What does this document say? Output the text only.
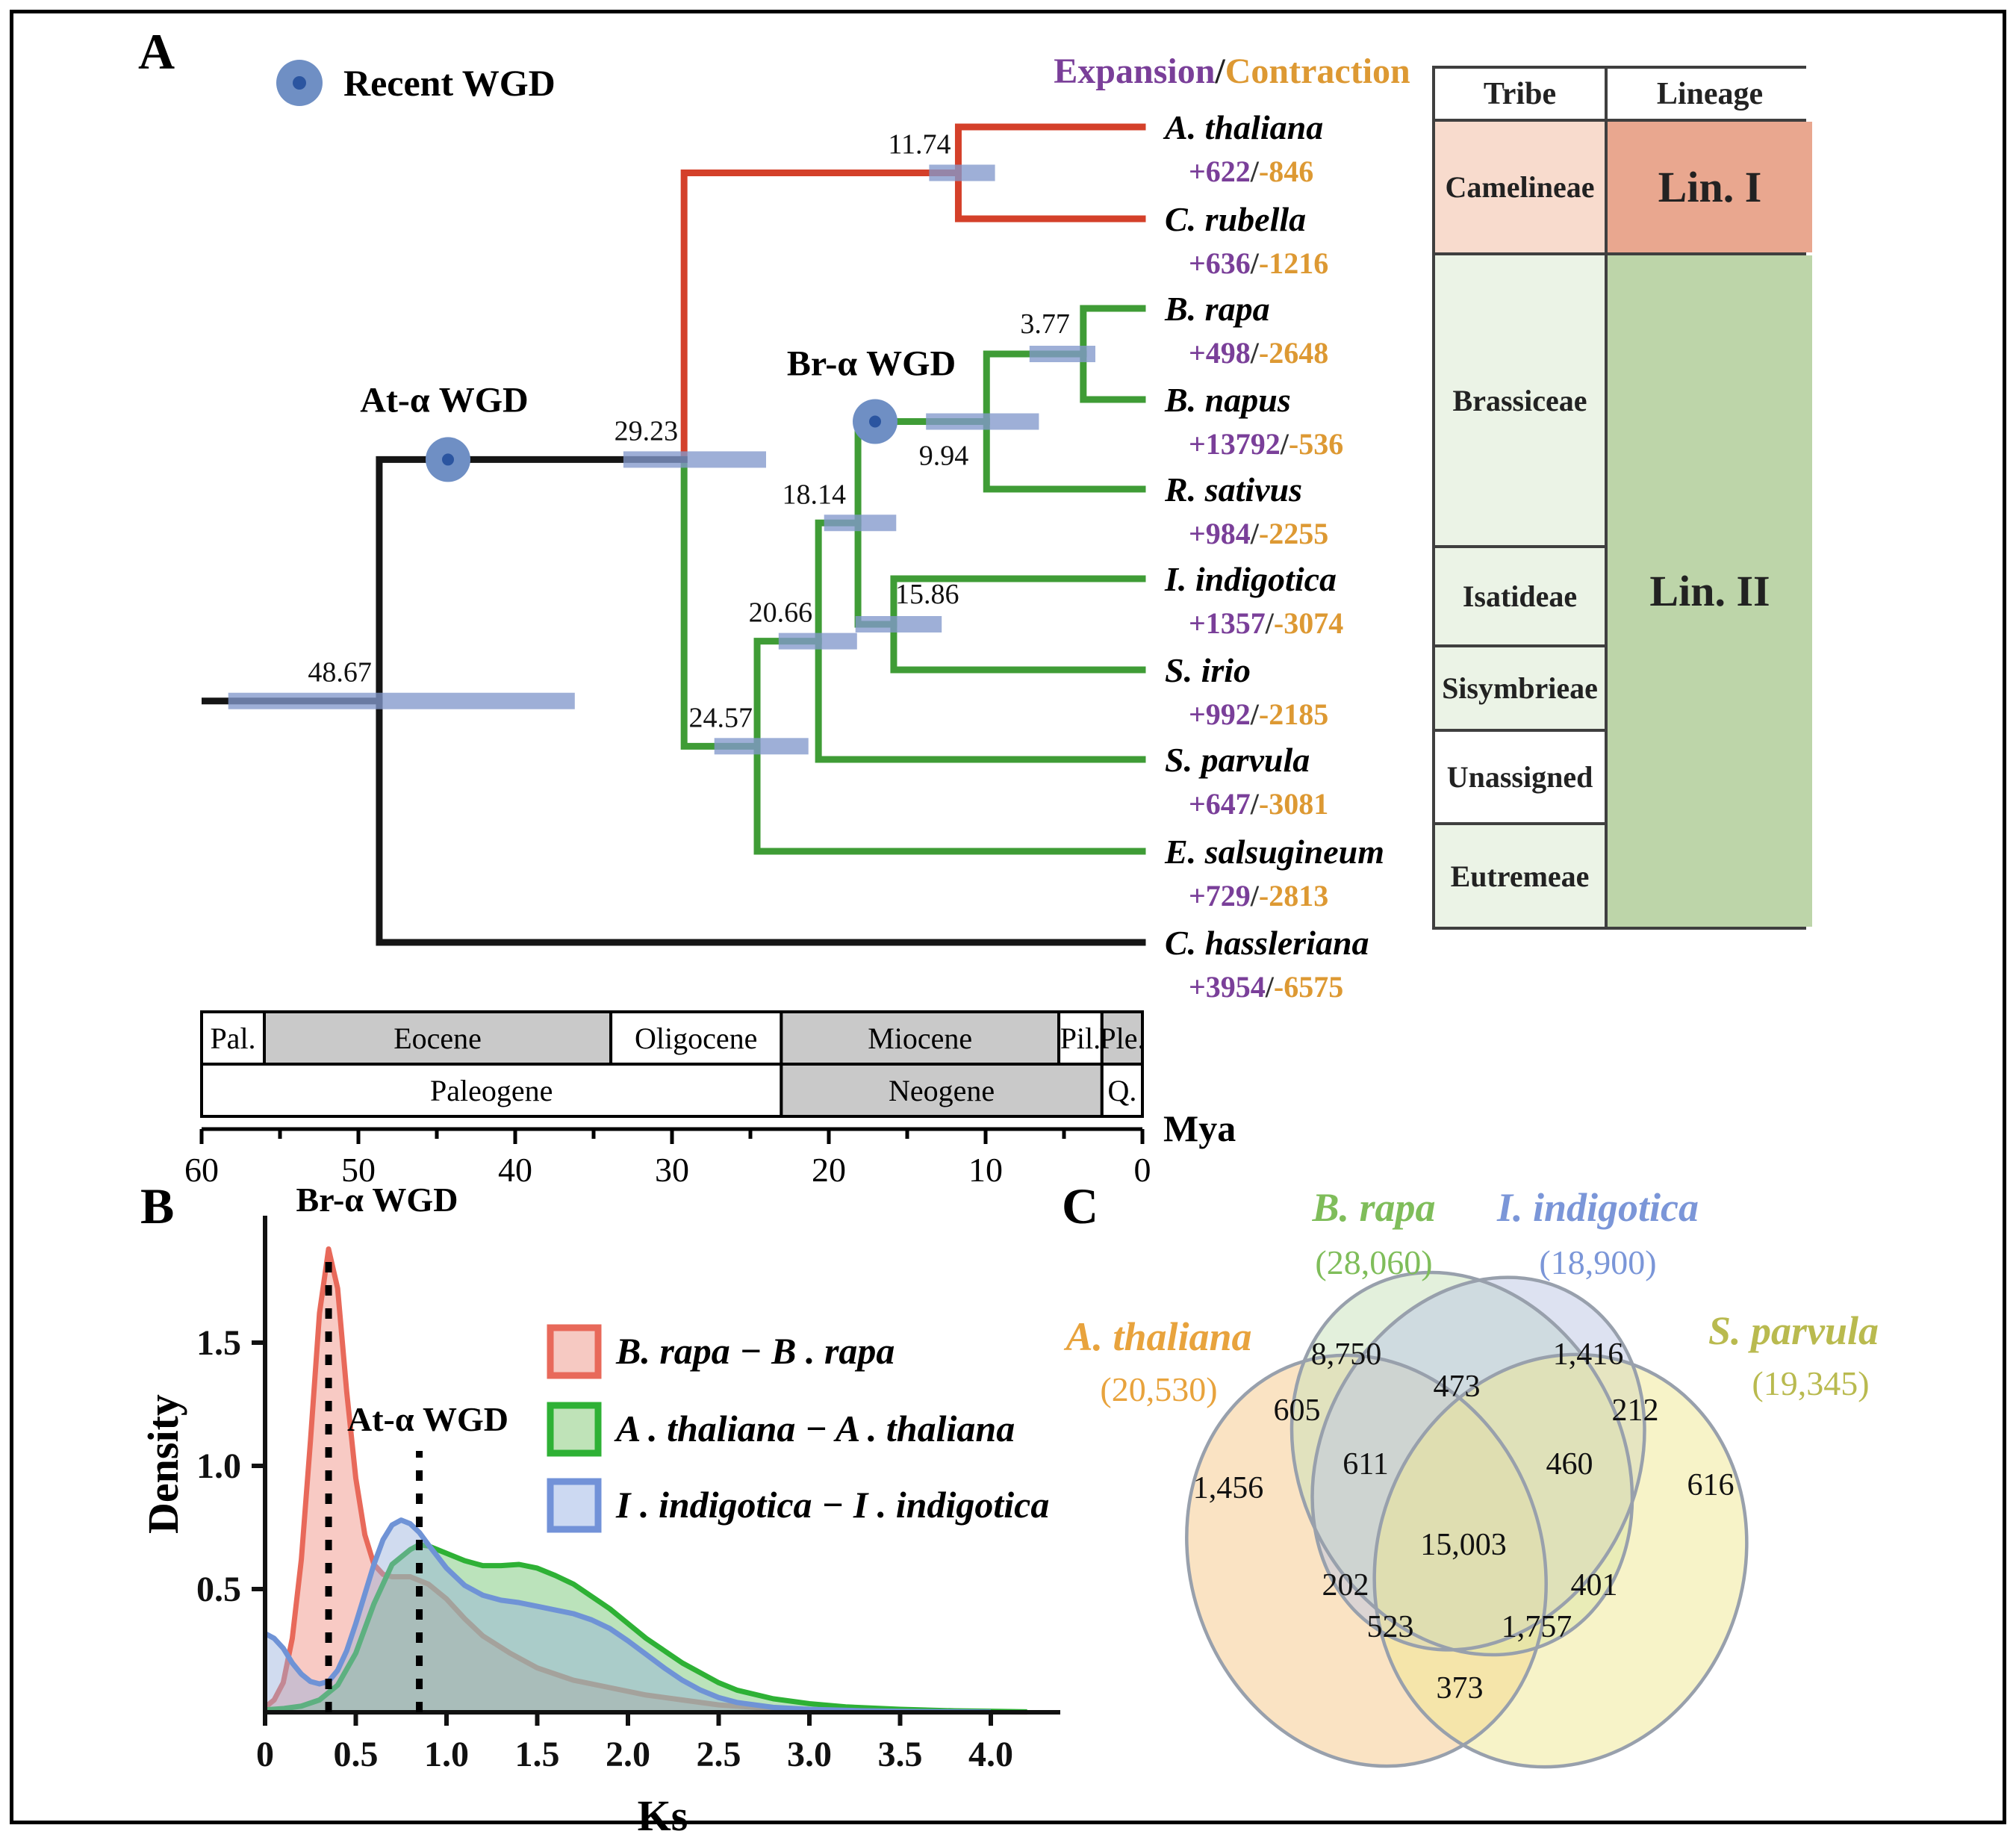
A
B	C
Recent WGD	Expansion/Contraction
11.74
3.77
9.94
15.86
18.14
20.66
24.57
29.23
48.67
At-α WGD
Br-α WGD
A. thaliana
+622/-846
C. rubella
+636/-1216
B. rapa
+498/-2648
B. napus
+13792/-536
R. sativus
+984/-2255
I. indigotica
+1357/-3074
S. irio
+992/-2185
S. parvula
+647/-3081
E. salsugineum
+729/-2813
C. hassleriana
+3954/-6575
Pal.	Eocene	Oligocene	Miocene	Pil.
Ple.
Paleogene	Neogene	Q.
60	50	40	30	20	10	0
Mya
Tribe	Lineage
Camelineae	Lin. I
Brassiceae
Isatideae
Sisymbrieae
Unassigned
Eutremeae
Lin. II
0 0.5 1.0 1.5 2.0 2.5 3.0 3.5 4.0
0.5
1.0
1.5
Ks
Density
Br-α WGD
At-α WGD
B. rapa − B . rapa
A . thaliana − A . thaliana
I . indigotica − I . indigotica
8,750	1,416
473
605	212
611	460
1,456	616
15,003
202	401
523	1,757
373
A. thaliana
(20,530)
B. rapa
(28,060)
I. indigotica
(18,900)
S. parvula
(19,345)
